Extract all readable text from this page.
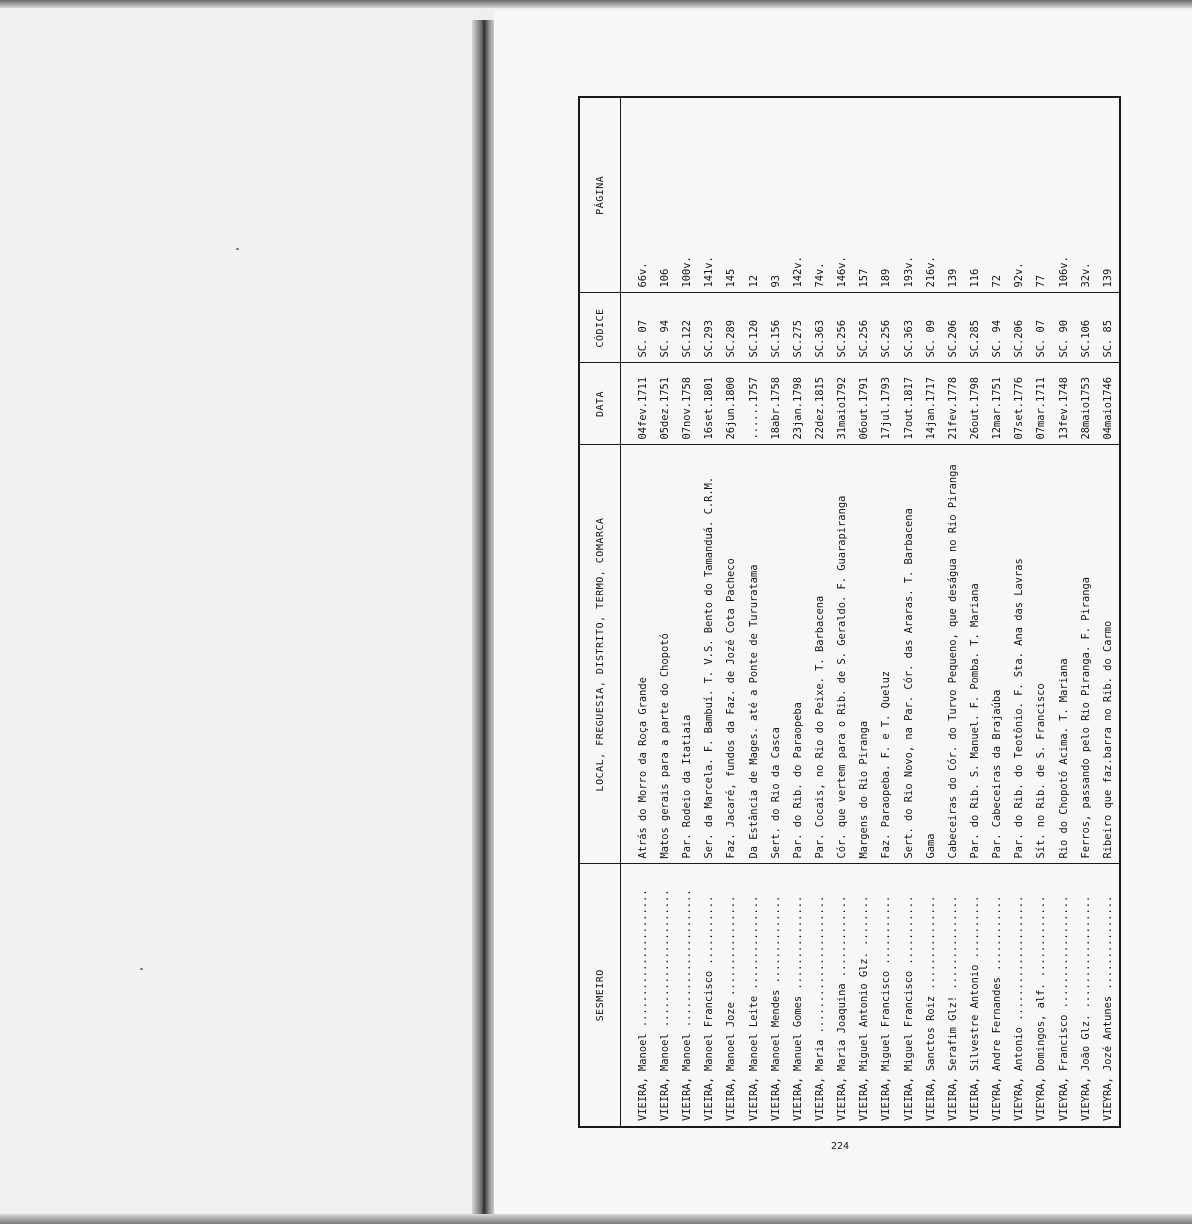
SESMEIRO	LOCAL, FREGUESIA, DISTRITO, TERMO, COMARCA	DATA	CÓDICE	PÁGINA

VIEIRA, Manoel ......................	Atrás do Morro da Roça Grande	04fev.1711	SC. 07	66v.
VIEIRA, Manoel ......................	Matos gerais para a parte do Chopotó	05dez.1751	SC. 94	106
VIEIRA, Manoel ......................	Par. Rodeio da Itatiaia	07nov.1758	SC.122	100v.
VIEIRA, Manoel Francisco ...........	Ser. da Marcela. F. Bambuí. T. V.S. Bento do Tamanduá. C.R.M.	16set.1801	SC.293	141v.
VIEIRA, Manoel Joze ................	Faz. Jacaré, fundos da Faz. de Jozé Cota Pacheco	26jun.1800	SC.289	145
VIEIRA, Manoel Leite ...............	Da Estância de Mages. até a Ponte de Tururatama	......1757	SC.120	12
VIEIRA, Manoel Mendes ..............	Sert. do Rio da Casca	18abr.1758	SC.156	93
VIEIRA, Manuel Gomes ...............	Par. do Rib. do Paraopeba	23jan.1798	SC.275	142v.
VIEIRA, Maria ......................	Par. Cocais, no Rio do Peixe. T. Barbacena	22dez.1815	SC.363	74v.
VIEIRA, Maria Joaquina .............	Cór. que vertem para o Rib. de S. Geraldo. F. Guarapiranga	31maio1792	SC.256	146v.
VIEIRA, Miguel Antonio Glz. ........	Margens do Rio Piranga	06out.1791	SC.256	157
VIEIRA, Miguel Francisco ...........	Faz. Paraopeba. F. e T. Queluz	17jul.1793	SC.256	189
VIEIRA, Miguel Francisco ...........	Sert. do Rio Novo, na Par. Cór. das Araras. T. Barbacena	17out.1817	SC.363	193v.
VIEIRA, Sanctos Roiz ...............	Gama	14jan.1717	SC. 09	216v.
VIEIRA, Serafim Glz! ...............	Cabeceiras do Cór. do Turvo Pequeno, que deságua no Rio Piranga	21fev.1778	SC.206	139
VIEIRA, Silvestre Antonio ..........	Par. do Rib. S. Manuel. F. Pomba. T. Mariana	26out.1798	SC.285	116
VIEYRA, Andre Fernandes ............	Par. Cabeceiras da Brajaúba	12mar.1751	SC. 94	72
VIEYRA, Antonio ....................	Par. do Rib. do Teotônio. F. Sta. Ana das Lavras	07set.1776	SC.206	92v.
VIEYRA, Domingos, alf. .............	Sít. no Rib. de S. Francisco	07mar.1711	SC. 07	77
VIEYRA, Francisco ..................	Rio do Chopotó Acima. T. Mariana	13fev.1748	SC. 90	106v.
VIEYRA, João Glz. ..................	Ferros, passando pelo Rio Piranga. F. Piranga	28maio1753	SC.106	32v.
VIEYRA, Jozé Antunes ...............	Ribeiro que faz.barra no Rib. do Carmo	04maio1746	SC. 85	139
224
